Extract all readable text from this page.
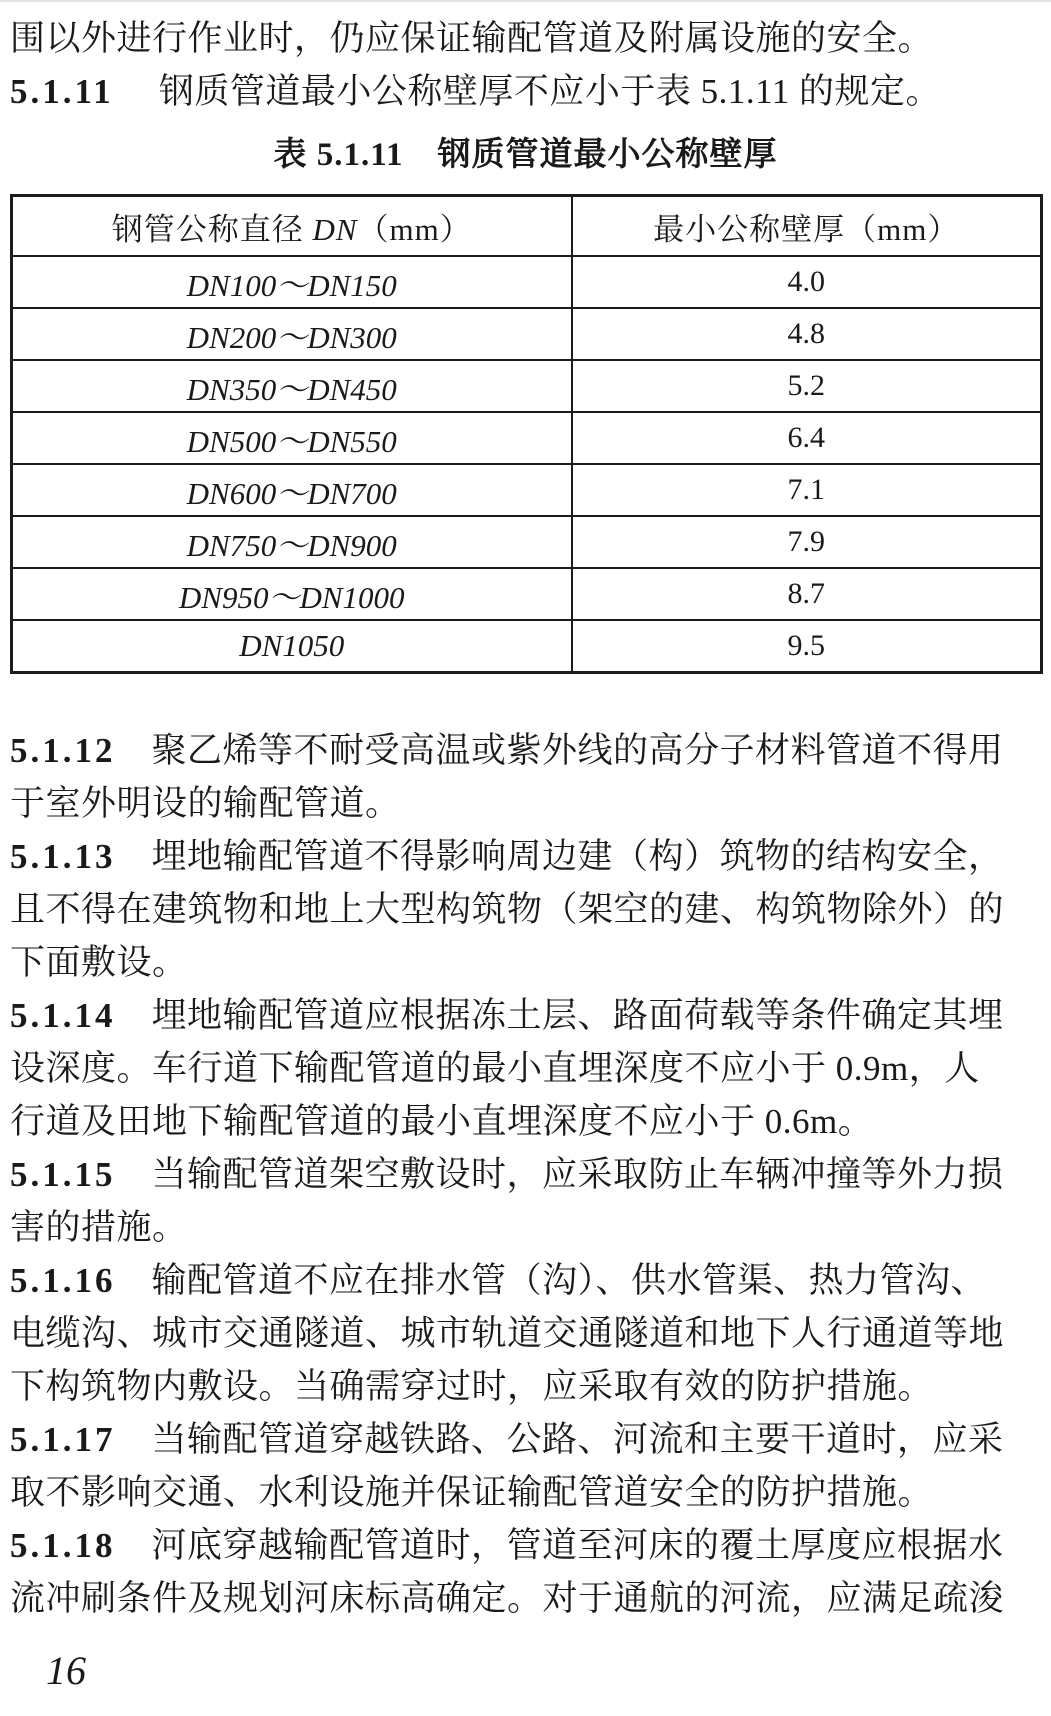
围以外进行作业时，仍应保证输配管道及附属设施的安全。
5.1.11 钢质管道最小公称壁厚不应小于表 5.1.11 的规定。
表 5.1.11　钢质管道最小公称壁厚
钢管公称直径 DN（mm）	最小公称壁厚（mm）
DN100～DN150	4.0
DN200～DN300	4.8
DN350～DN450	5.2
DN500～DN550	6.4
DN600～DN700	7.1
DN750～DN900	7.9
DN950～DN1000	8.7
DN1050	9.5
5.1.12 聚乙烯等不耐受高温或紫外线的高分子材料管道不得用
于室外明设的输配管道。
5.1.13 埋地输配管道不得影响周边建（构）筑物的结构安全，
且不得在建筑物和地上大型构筑物（架空的建、构筑物除外）的
下面敷设。
5.1.14 埋地输配管道应根据冻土层、路面荷载等条件确定其埋
设深度。车行道下输配管道的最小直埋深度不应小于 0.9m，人
行道及田地下输配管道的最小直埋深度不应小于 0.6m。
5.1.15 当输配管道架空敷设时，应采取防止车辆冲撞等外力损
害的措施。
5.1.16 输配管道不应在排水管（沟）、供水管渠、热力管沟、
电缆沟、城市交通隧道、城市轨道交通隧道和地下人行通道等地
下构筑物内敷设。当确需穿过时，应采取有效的防护措施。
5.1.17 当输配管道穿越铁路、公路、河流和主要干道时，应采
取不影响交通、水利设施并保证输配管道安全的防护措施。
5.1.18 河底穿越输配管道时，管道至河床的覆土厚度应根据水
流冲刷条件及规划河床标高确定。对于通航的河流，应满足疏浚
16
